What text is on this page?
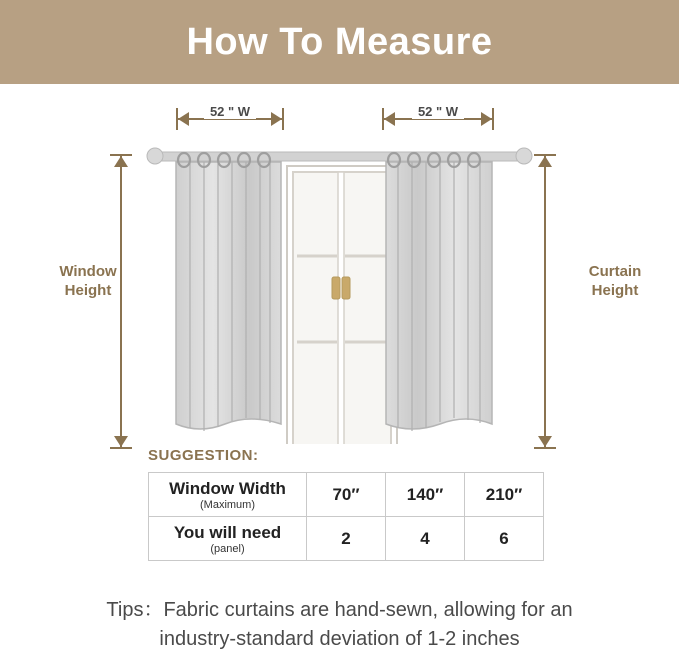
How To Measure
52 " W	52 " W
Window
Height
Curtain
Height
SUGGESTION:
Window Width
(Maximum)	70″	140″	210″

You will need
(panel)	2	4	6
Tips：Fabric curtains are hand-sewn, allowing for an
industry-standard deviation of 1-2 inches
